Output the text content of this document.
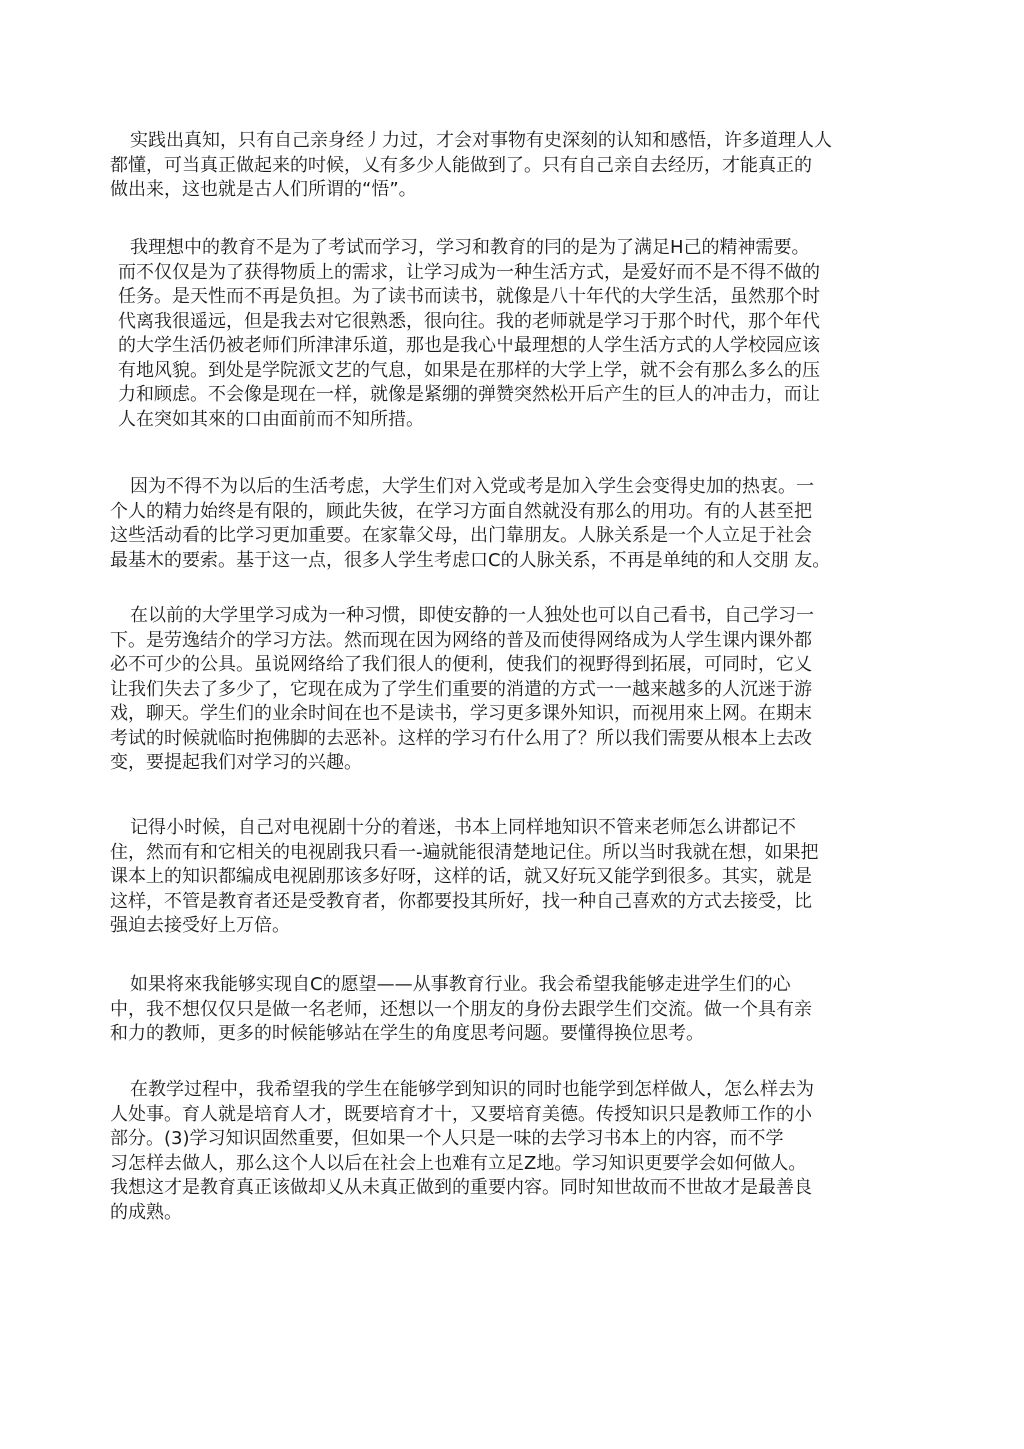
实践出真知，只有自己亲身经丿力过，才会对事物有史深刻的认知和感悟，许多道理人人
都懂，可当真正做起来的吋候，乂有多少人能做到了。只有自己亲自去经历，才能真正的
做出来，这也就是古人们所谓的“悟”。
我理想中的教育不是为了考试而学习，学习和教育的冃的是为了满足H己的精神需要。
而不仅仅是为了获得物质上的需求，让学习成为一种生活方式，是爱好而不是不得不做的
任务。是天性而不再是负担。为了读书而读书，就像是八十年代的大学生活，虽然那个时
代离我很遥远，但是我去对它很熟悉，很向往。我的老师就是学习于那个时代，那个年代
的大学生活仍被老师们所津津乐道，那也是我心屮最理想的人学生活方式的人学校园应该
有地风貌。到处是学院派文艺的气息，如果是在那样的大学上学，就不会有那么多么的压
力和顾虑。不会像是现在一样，就像是紧绷的弹赞突然松开后产生的巨人的冲击力，而让
人在突如其來的口由面前而不知所措。
因为不得不为以后的生活考虑，大学生们对入党或考是加入学生会变得史加的热衷。一
个人的精力始终是有限的，顾此失彼，在学习方面自然就没有那么的用功。有的人甚至把
这些活动看的比学习更加重要。在家靠父母，出门靠朋友。人脉关系是一个人立足于社会
最基木的要索。基于这一点，很多人学生考虑口C的人脉关系，不再是单纯的和人交朋 友。
在以前的大学里学习成为一种习惯，即使安静的一人独处也可以自己看书，自己学习一
下。是劳逸结介的学习方法。然而现在因为网络的普及而使得网络成为人学生课内课外都
必不可少的公具。虽说网络给了我们很人的便利，使我们的视野得到拓展，可同时，它乂
让我们失去了多少了，它现在成为了学生们重要的消遣的方式一一越来越多的人沉迷于游
戏，聊天。学生们的业余时间在也不是读书，学习更多课外知识，而视用來上网。在期末
考试的时候就临时抱佛脚的去恶补。这样的学习冇什么用了？所以我们需要从根本上去改
变，要提起我们对学习的兴趣。
记得小时候，自己对电视剧十分的着迷，书本上同样地知识不管来老师怎么讲都记不
住，然而有和它相关的电视剧我只看一-遍就能很清楚地记住。所以当时我就在想，如果把
课本上的知识都编成电视剧那该多好呀，这样的话，就又好玩又能学到很多。其实，就是
这样，不管是教育者还是受教育者，你都要投其所好，找一种自己喜欢的方式去接受，比
强迫去接受好上万倍。
如果将來我能够实现自C的愿望——从事教育行业。我会希望我能够走进学生们的心
中，我不想仅仅只是做一名老师，还想以一个朋友的身份去跟学生们交流。做一个具有亲
和力的教师，更多的时候能够站在学生的角度思考问题。要懂得换位思考。
在教学过程中，我希望我的学生在能够学到知识的同时也能学到怎样做人，怎么样去为
人处事。育人就是培育人才，既要培育才十，又要培育美德。传授知识只是教师工作的小
部分。(3)学习知识固然重要，但如果一个人只是一味的去学习书本上的内容，而不学
习怎样去做人，那么这个人以后在社会上也难有立足Z地。学习知识更要学会如何做人。
我想这才是教育真正该做却乂从未真正做到的重要内容。同时知世故而不世故才是最善良
的成熟。
